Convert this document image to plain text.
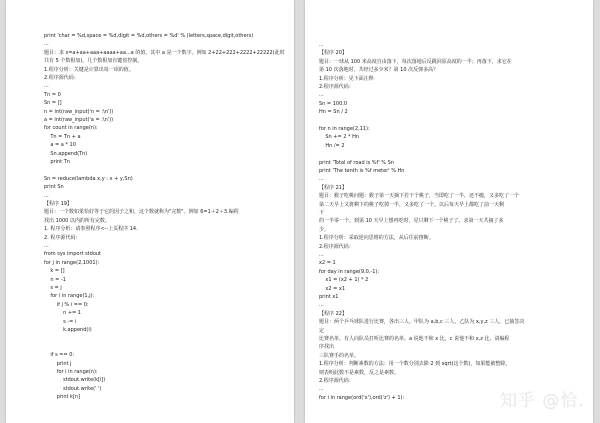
print 'char = %d,space = %d,digit = %d,others = %d' % (letters,space,digit,others)
...
题目：求 s=a+aa+aaa+aaaa+aa...a 的值，其中 a 是一个数字。例如 2+22+222+2222+22222(此时
共有 5 个数相加)，几个数相加有键盘控制。
1.程序分析：关键是计算出每一项的值。
2.程序源代码：
...
Tn = 0
Sn = []
n = int(raw_input('n = :\n'))
a = int(raw_input('a = :\n'))
for count in range(n):
Tn = Tn + a
a = a * 10
Sn.append(Tn)
print Tn
Sn = reduce(lambda x,y : x + y,Sn)
print Sn
...
【程序 19】
题目：一个数如果恰好等于它的因子之和，这个数就称为"完数"。例如 6=1＋2＋3.编程
找出 1000 以内的所有完数。
1. 程序分析：请参照程序<--上页程序 14.
2. 程序源代码：
...
from sys import stdout
for j in range(2,1001):
k = []
n = -1
s = j
for i in range(1,j):
if j % i == 0:
n += 1
s -= i
k.append(i)
if s == 0:
print j
for i in range(n):
stdout.write(k[i])
stdout.write(' ')
print k[n]
...
【程序 20】
题目：一球从 100 米高度自由落下，每次落地后反跳回原高度的一半；再落下，求它在
第 10 次落地时，共经过多少米？第 10 次反弹多高？
1.程序分析：见下面注释
2.程序源代码：
...
Sn = 100.0
Hn = Sn / 2
for n in range(2,11):
Sn += 2 * Hn
Hn /= 2
print 'Total of road is %f' % Sn
print 'The tenth is %f meter' % Hn
...
【程序 21】
题目：猴子吃桃问题：猴子第一天摘下若干个桃子，当即吃了一半，还不瘾，又多吃了一个
第二天早上又将剩下的桃子吃掉一半，又多吃了一个。以后每天早上都吃了前一天剩
下
的一半零一个。到第 10 天早上想再吃时，见只剩下一个桃子了。求第一天共摘了多
少。
1.程序分析：采取逆向思维的方法，从后往前推断。
2.程序源代码：
...
x2 = 1
for day in range(9,0,-1):
x1 = (x2 + 1) * 2
x2 = x1
print x1
...
【程序 22】
题目：两个乒乓球队进行比赛，各出三人。甲队为 a,b,c 三人，乙队为 x,y,z 三人。已抽签决
定
比赛名单。有人向队员打听比赛的名单。a 说他不和 x 比，c 说他不和 x,z 比，请编程
序找出
三队赛手的名单。
1.程序分析：判断素数的方法：用一个数分别去除 2 到 sqrt(这个数)，如果能被整除，
则表明此数不是素数，反之是素数。
2.程序源代码：
...
for i in range(ord('x'),ord('z') + 1):	知乎 @恰.
